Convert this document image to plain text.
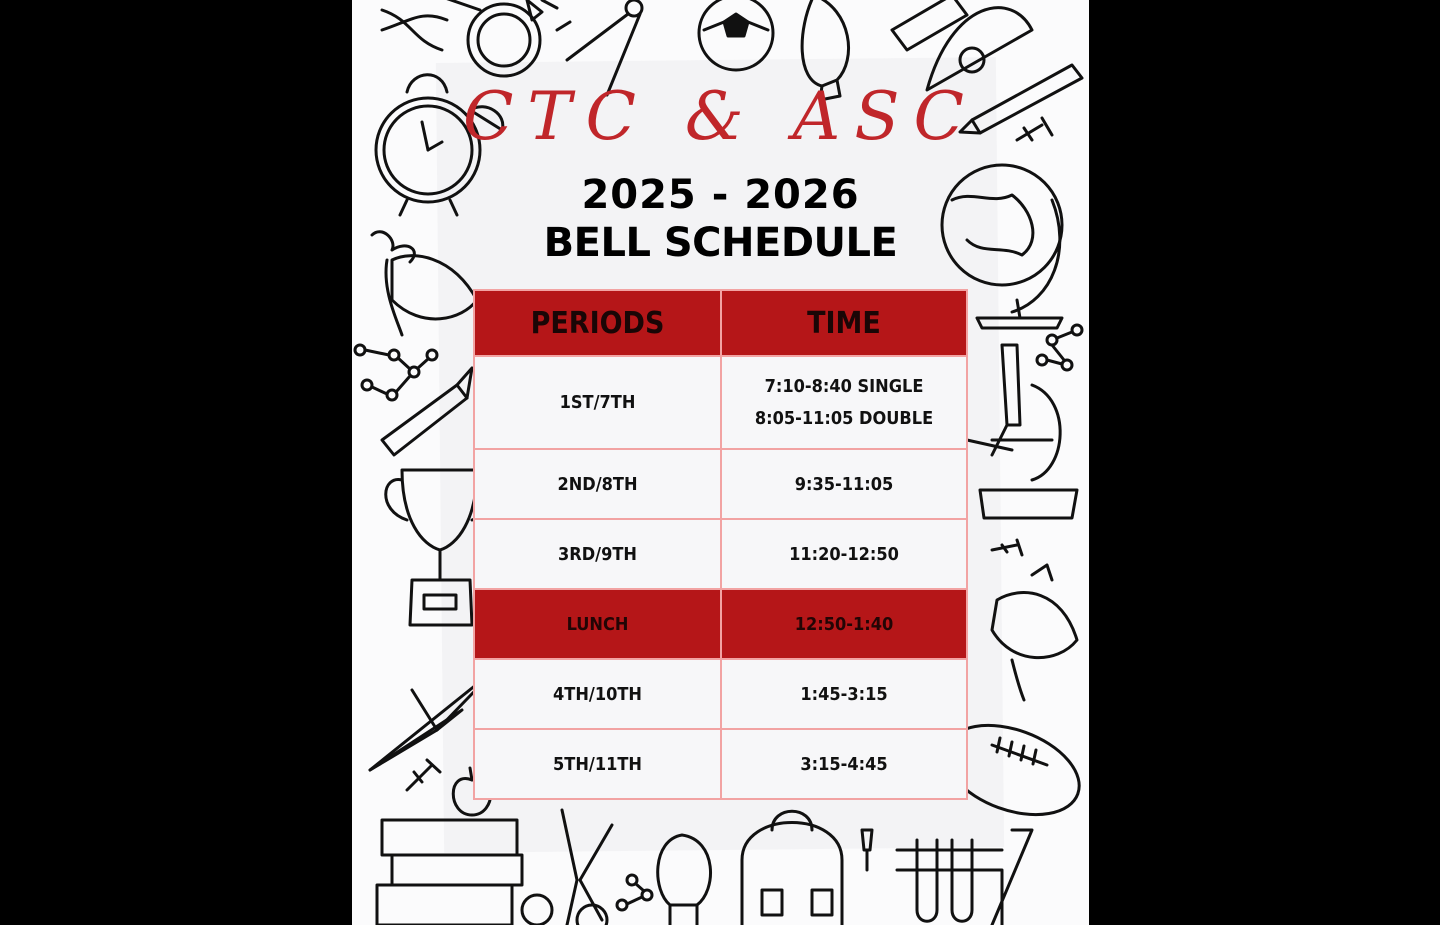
CTC & ASC
2025 - 2026
BELL SCHEDULE
PERIODS	TIME
1ST/7TH	7:10-8:40 SINGLE
8:05-11:05 DOUBLE

2ND/8TH	9:35-11:05
3RD/9TH	11:20-12:50
LUNCH	12:50-1:40
4TH/10TH	1:45-3:15
5TH/11TH	3:15-4:45
